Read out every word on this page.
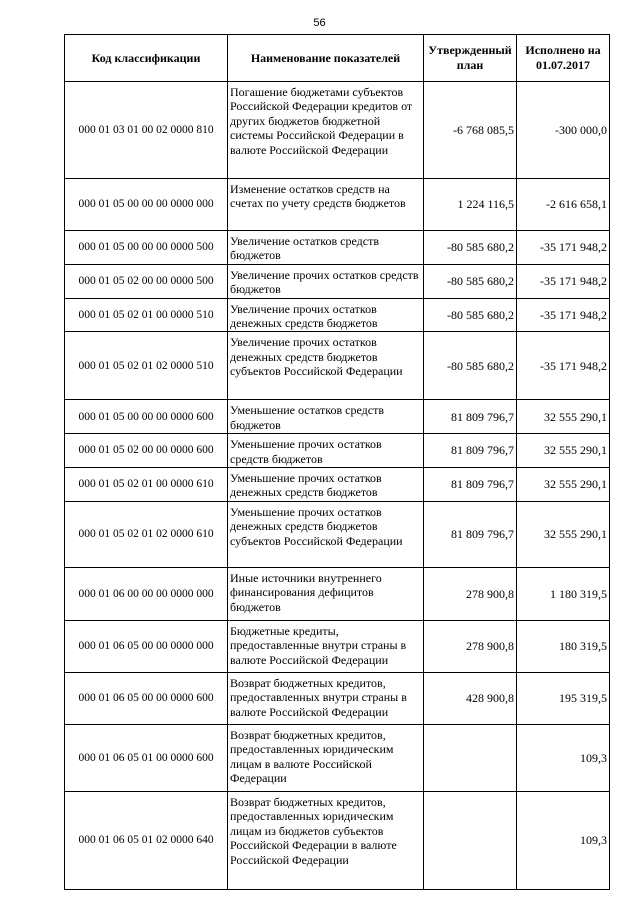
56
Код классификации	Наименование показателей	Утвержденный план	Исполнено на 01.07.2017
000 01 03 01 00 02 0000 810	Погашение бюджетами субъектов Российской Федерации кредитов от других бюджетов бюджетной системы Российской Федерации в валюте Российской Федерации	-6 768 085,5	-300 000,0
000 01 05 00 00 00 0000 000	Изменение остатков средств на счетах по учету средств бюджетов	1 224 116,5	-2 616 658,1
000 01 05 00 00 00 0000 500	Увеличение остатков средств бюджетов	-80 585 680,2	-35 171 948,2
000 01 05 02 00 00 0000 500	Увеличение прочих остатков средств бюджетов	-80 585 680,2	-35 171 948,2
000 01 05 02 01 00 0000 510	Увеличение прочих остатков денежных средств бюджетов	-80 585 680,2	-35 171 948,2
000 01 05 02 01 02 0000 510	Увеличение прочих остатков денежных средств бюджетов субъектов Российской Федерации	-80 585 680,2	-35 171 948,2
000 01 05 00 00 00 0000 600	Уменьшение остатков средств бюджетов	81 809 796,7	32 555 290,1
000 01 05 02 00 00 0000 600	Уменьшение прочих остатков средств бюджетов	81 809 796,7	32 555 290,1
000 01 05 02 01 00 0000 610	Уменьшение прочих остатков денежных средств бюджетов	81 809 796,7	32 555 290,1
000 01 05 02 01 02 0000 610	Уменьшение прочих остатков денежных средств бюджетов субъектов Российской Федерации	81 809 796,7	32 555 290,1
000 01 06 00 00 00 0000 000	Иные источники внутреннего финансирования дефицитов бюджетов	278 900,8	1 180 319,5
000 01 06 05 00 00 0000 000	Бюджетные кредиты, предоставленные внутри страны в валюте Российской Федерации	278 900,8	180 319,5
000 01 06 05 00 00 0000 600	Возврат бюджетных кредитов, предоставленных внутри страны в валюте Российской Федерации	428 900,8	195 319,5
000 01 06 05 01 00 0000 600	Возврат бюджетных кредитов, предоставленных юридическим лицам в валюте Российской Федерации		109,3
000 01 06 05 01 02 0000 640	Возврат бюджетных кредитов, предоставленных юридическим лицам из бюджетов субъектов Российской Федерации в валюте Российской Федерации		109,3
